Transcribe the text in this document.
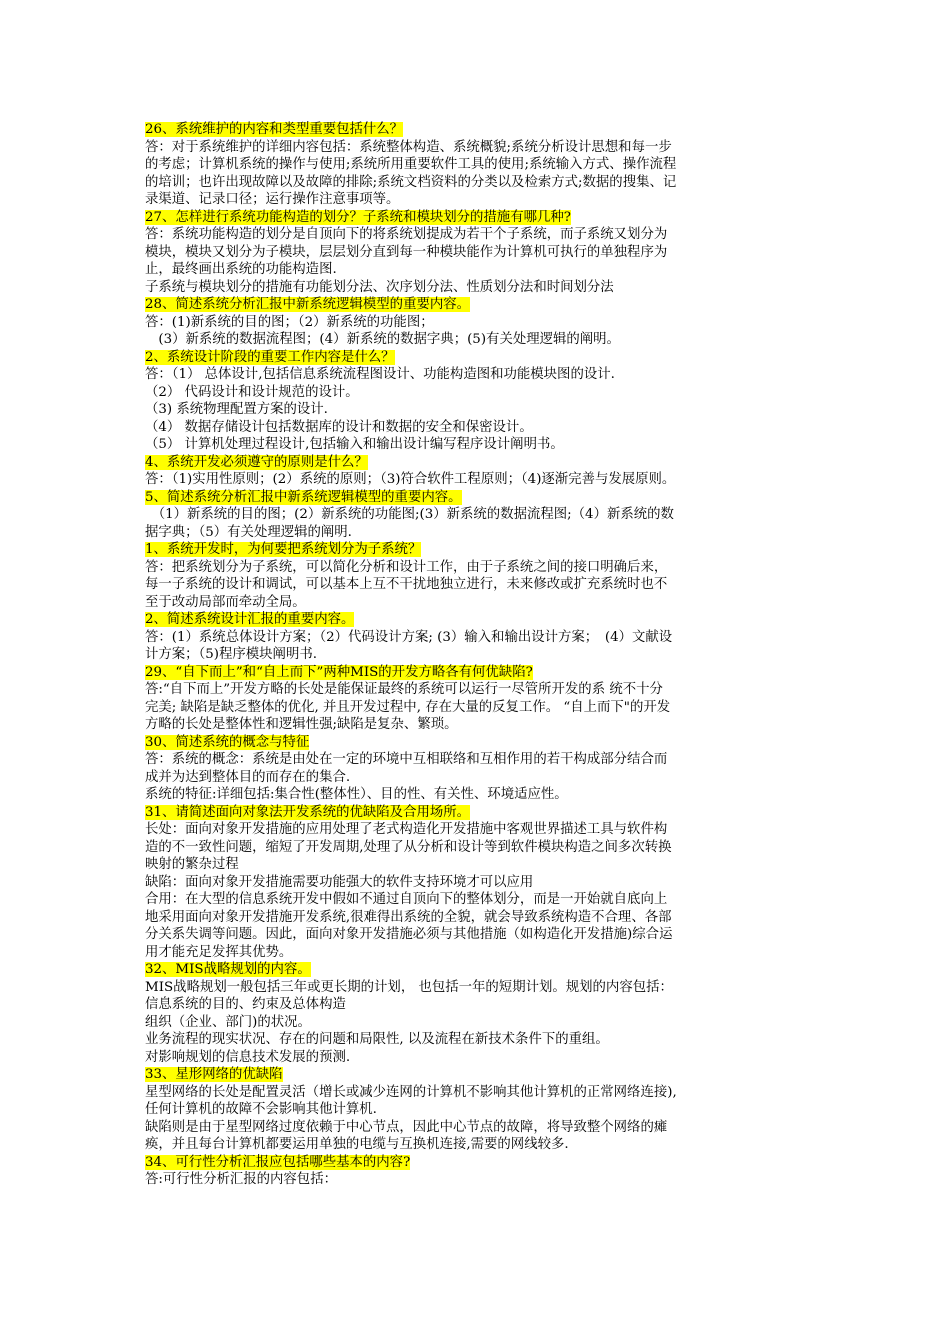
26、系统维护的内容和类型重要包括什么？
答：对于系统维护的详细内容包括：系统整体构造、系统概貌;系统分析设计思想和每一步
的考虑；计算机系统的操作与使用;系统所用重要软件工具的使用;系统输入方式、操作流程
的培训；也许出现故障以及故障的排除;系统文档资料的分类以及检索方式;数据的搜集、记
录渠道、记录口径；运行操作注意事项等。
27、怎样进行系统功能构造的划分？子系统和模块划分的措施有哪几种?
答：系统功能构造的划分是自顶向下的将系统划提成为若干个子系统，而子系统又划分为
模块，模块又划分为子模块，层层划分直到每一种模块能作为计算机可执行的单独程序为
止，最终画出系统的功能构造图.
子系统与模块划分的措施有功能划分法、次序划分法、性质划分法和时间划分法
28、简述系统分析汇报中新系统逻辑模型的重要内容。
答：(1)新系统的目的图；（2）新系统的功能图；
　(3）新系统的数据流程图；(4）新系统的数据字典；(5)有关处理逻辑的阐明。
2、系统设计阶段的重要工作内容是什么？
答：（1） 总体设计,包括信息系统流程图设计、功能构造图和功能模块图的设计.
（2） 代码设计和设计规范的设计。
（3) 系统物理配置方案的设计.
（4） 数据存储设计包括数据库的设计和数据的安全和保密设计。
（5） 计算机处理过程设计,包括输入和输出设计编写程序设计阐明书。
4、系统开发必须遵守的原则是什么？
答：（1)实用性原则；(2）系统的原则；（3)符合软件工程原则；（4)逐渐完善与发展原则。
5、简述系统分析汇报中新系统逻辑模型的重要内容。
　（1）新系统的目的图；(2）新系统的功能图;(3）新系统的数据流程图;（4）新系统的数
据字典；（5）有关处理逻辑的阐明.
1、系统开发时，为何要把系统划分为子系统？
答：把系统划分为子系统，可以简化分析和设计工作，由于子系统之间的接口明确后来，
每一子系统的设计和调试，可以基本上互不干扰地独立进行，未来修改或扩充系统时也不
至于改动局部而牵动全局。
2、简述系统设计汇报的重要内容。
答：(1）系统总体设计方案；（2）代码设计方案; (3）输入和输出设计方案；　(4）文献设
计方案；（5)程序模块阐明书.
29、“自下而上”和“自上而下”两种MIS的开发方略各有何优缺陷?
答:“自下而上”开发方略的长处是能保证最终的系统可以运行一尽管所开发的系 统不十分
完美; 缺陷是缺乏整体的优化, 并且开发过程中, 存在大量的反复工作。 “自上而下"的开发
方略的长处是整体性和逻辑性强;缺陷是复杂、繁琐。
30、简述系统的概念与特征
答：系统的概念：系统是由处在一定的环境中互相联络和互相作用的若干构成部分结合而
成并为达到整体目的而存在的集合.
系统的特征:详细包括:集合性(整体性）、目的性、有关性、环境适应性。
31、请简述面向对象法开发系统的优缺陷及合用场所。
长处：面向对象开发措施的应用处理了老式构造化开发措施中客观世界描述工具与软件构
造的不一致性问题，缩短了开发周期,处理了从分析和设计等到软件模块构造之间多次转换
映射的繁杂过程
缺陷：面向对象开发措施需要功能强大的软件支持环境才可以应用
合用：在大型的信息系统开发中假如不通过自顶向下的整体划分，而是一开始就自底向上
地采用面向对象开发措施开发系统,很难得出系统的全貌，就会导致系统构造不合理、各部
分关系失调等问题。因此，面向对象开发措施必须与其他措施（如构造化开发措施)综合运
用才能充足发挥其优势。
32、MIS战略规划的内容。
MIS战略规划一般包括三年或更长期的计划， 也包括一年的短期计划。规划的内容包括：
信息系统的目的、约束及总体构造
组织（企业、部门)的状况。
业务流程的现实状况、存在的问题和局限性, 以及流程在新技术条件下的重组。
对影响规划的信息技术发展的预测.
33、星形网络的优缺陷
星型网络的长处是配置灵活（增长或减少连网的计算机不影响其他计算机的正常网络连接),
任何计算机的故障不会影响其他计算机.
缺陷则是由于星型网络过度依赖于中心节点，因此中心节点的故障，将导致整个网络的瘫
痪，并且每台计算机都要运用单独的电缆与互换机连接,需要的网线较多.
34、可行性分析汇报应包括哪些基本的内容?
答:可行性分析汇报的内容包括：
